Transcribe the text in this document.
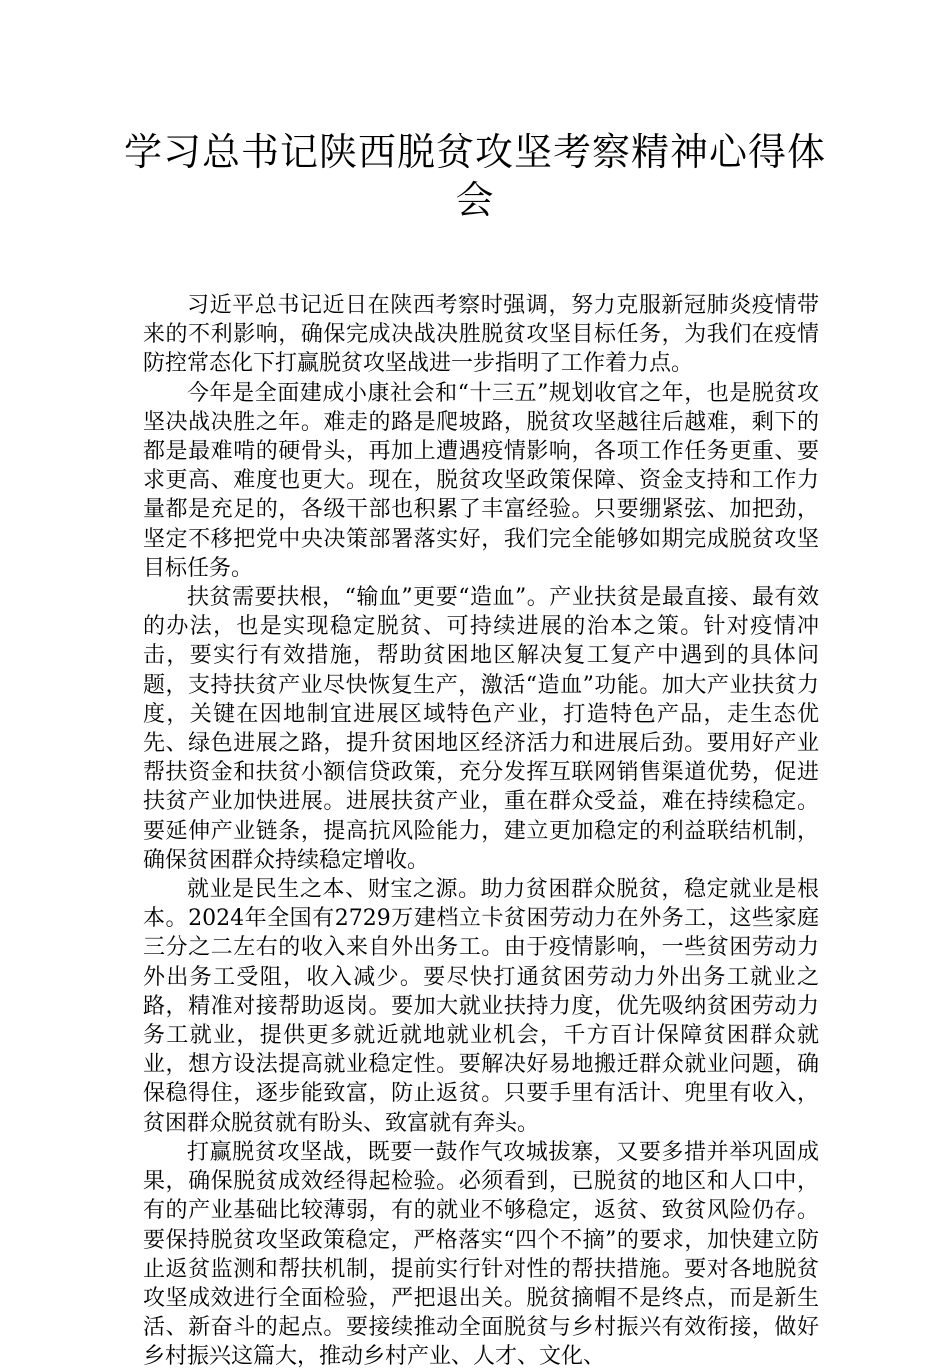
学习总书记陕西脱贫攻坚考察精神心得体会

习近平总书记近日在陕西考察时强调，努力克服新冠肺炎疫情带来的不利影响，确保完成决战决胜脱贫攻坚目标任务，为我们在疫情防控常态化下打赢脱贫攻坚战进一步指明了工作着力点。

今年是全面建成小康社会和“十三五”规划收官之年，也是脱贫攻坚决战决胜之年。难走的路是爬坡路，脱贫攻坚越往后越难，剩下的都是最难啃的硬骨头，再加上遭遇疫情影响，各项工作任务更重、要求更高、难度也更大。现在，脱贫攻坚政策保障、资金支持和工作力量都是充足的，各级干部也积累了丰富经验。只要绷紧弦、加把劲，坚定不移把党中央决策部署落实好，我们完全能够如期完成脱贫攻坚目标任务。

扶贫需要扶根，“输血”更要“造血”。产业扶贫是最直接、最有效的办法，也是实现稳定脱贫、可持续进展的治本之策。针对疫情冲击，要实行有效措施，帮助贫困地区解决复工复产中遇到的具体问题，支持扶贫产业尽快恢复生产，激活“造血”功能。加大产业扶贫力度，关键在因地制宜进展区域特色产业，打造特色产品，走生态优先、绿色进展之路，提升贫困地区经济活力和进展后劲。要用好产业帮扶资金和扶贫小额信贷政策，充分发挥互联网销售渠道优势，促进扶贫产业加快进展。进展扶贫产业，重在群众受益，难在持续稳定。要延伸产业链条，提高抗风险能力，建立更加稳定的利益联结机制，确保贫困群众持续稳定增收。

就业是民生之本、财宝之源。助力贫困群众脱贫，稳定就业是根本。2024年全国有2729万建档立卡贫困劳动力在外务工，这些家庭三分之二左右的收入来自外出务工。由于疫情影响，一些贫困劳动力外出务工受阻，收入减少。要尽快打通贫困劳动力外出务工就业之路，精准对接帮助返岗。要加大就业扶持力度，优先吸纳贫困劳动力务工就业，提供更多就近就地就业机会，千方百计保障贫困群众就业，想方设法提高就业稳定性。要解决好易地搬迁群众就业问题，确保稳得住，逐步能致富，防止返贫。只要手里有活计、兜里有收入，贫困群众脱贫就有盼头、致富就有奔头。

打赢脱贫攻坚战，既要一鼓作气攻城拔寨，又要多措并举巩固成果，确保脱贫成效经得起检验。必须看到，已脱贫的地区和人口中，有的产业基础比较薄弱，有的就业不够稳定，返贫、致贫风险仍存。要保持脱贫攻坚政策稳定，严格落实“四个不摘”的要求，加快建立防止返贫监测和帮扶机制，提前实行针对性的帮扶措施。要对各地脱贫攻坚成效进行全面检验，严把退出关。脱贫摘帽不是终点，而是新生活、新奋斗的起点。要接续推动全面脱贫与乡村振兴有效衔接，做好乡村振兴这篇大，推动乡村产业、人才、文化、
